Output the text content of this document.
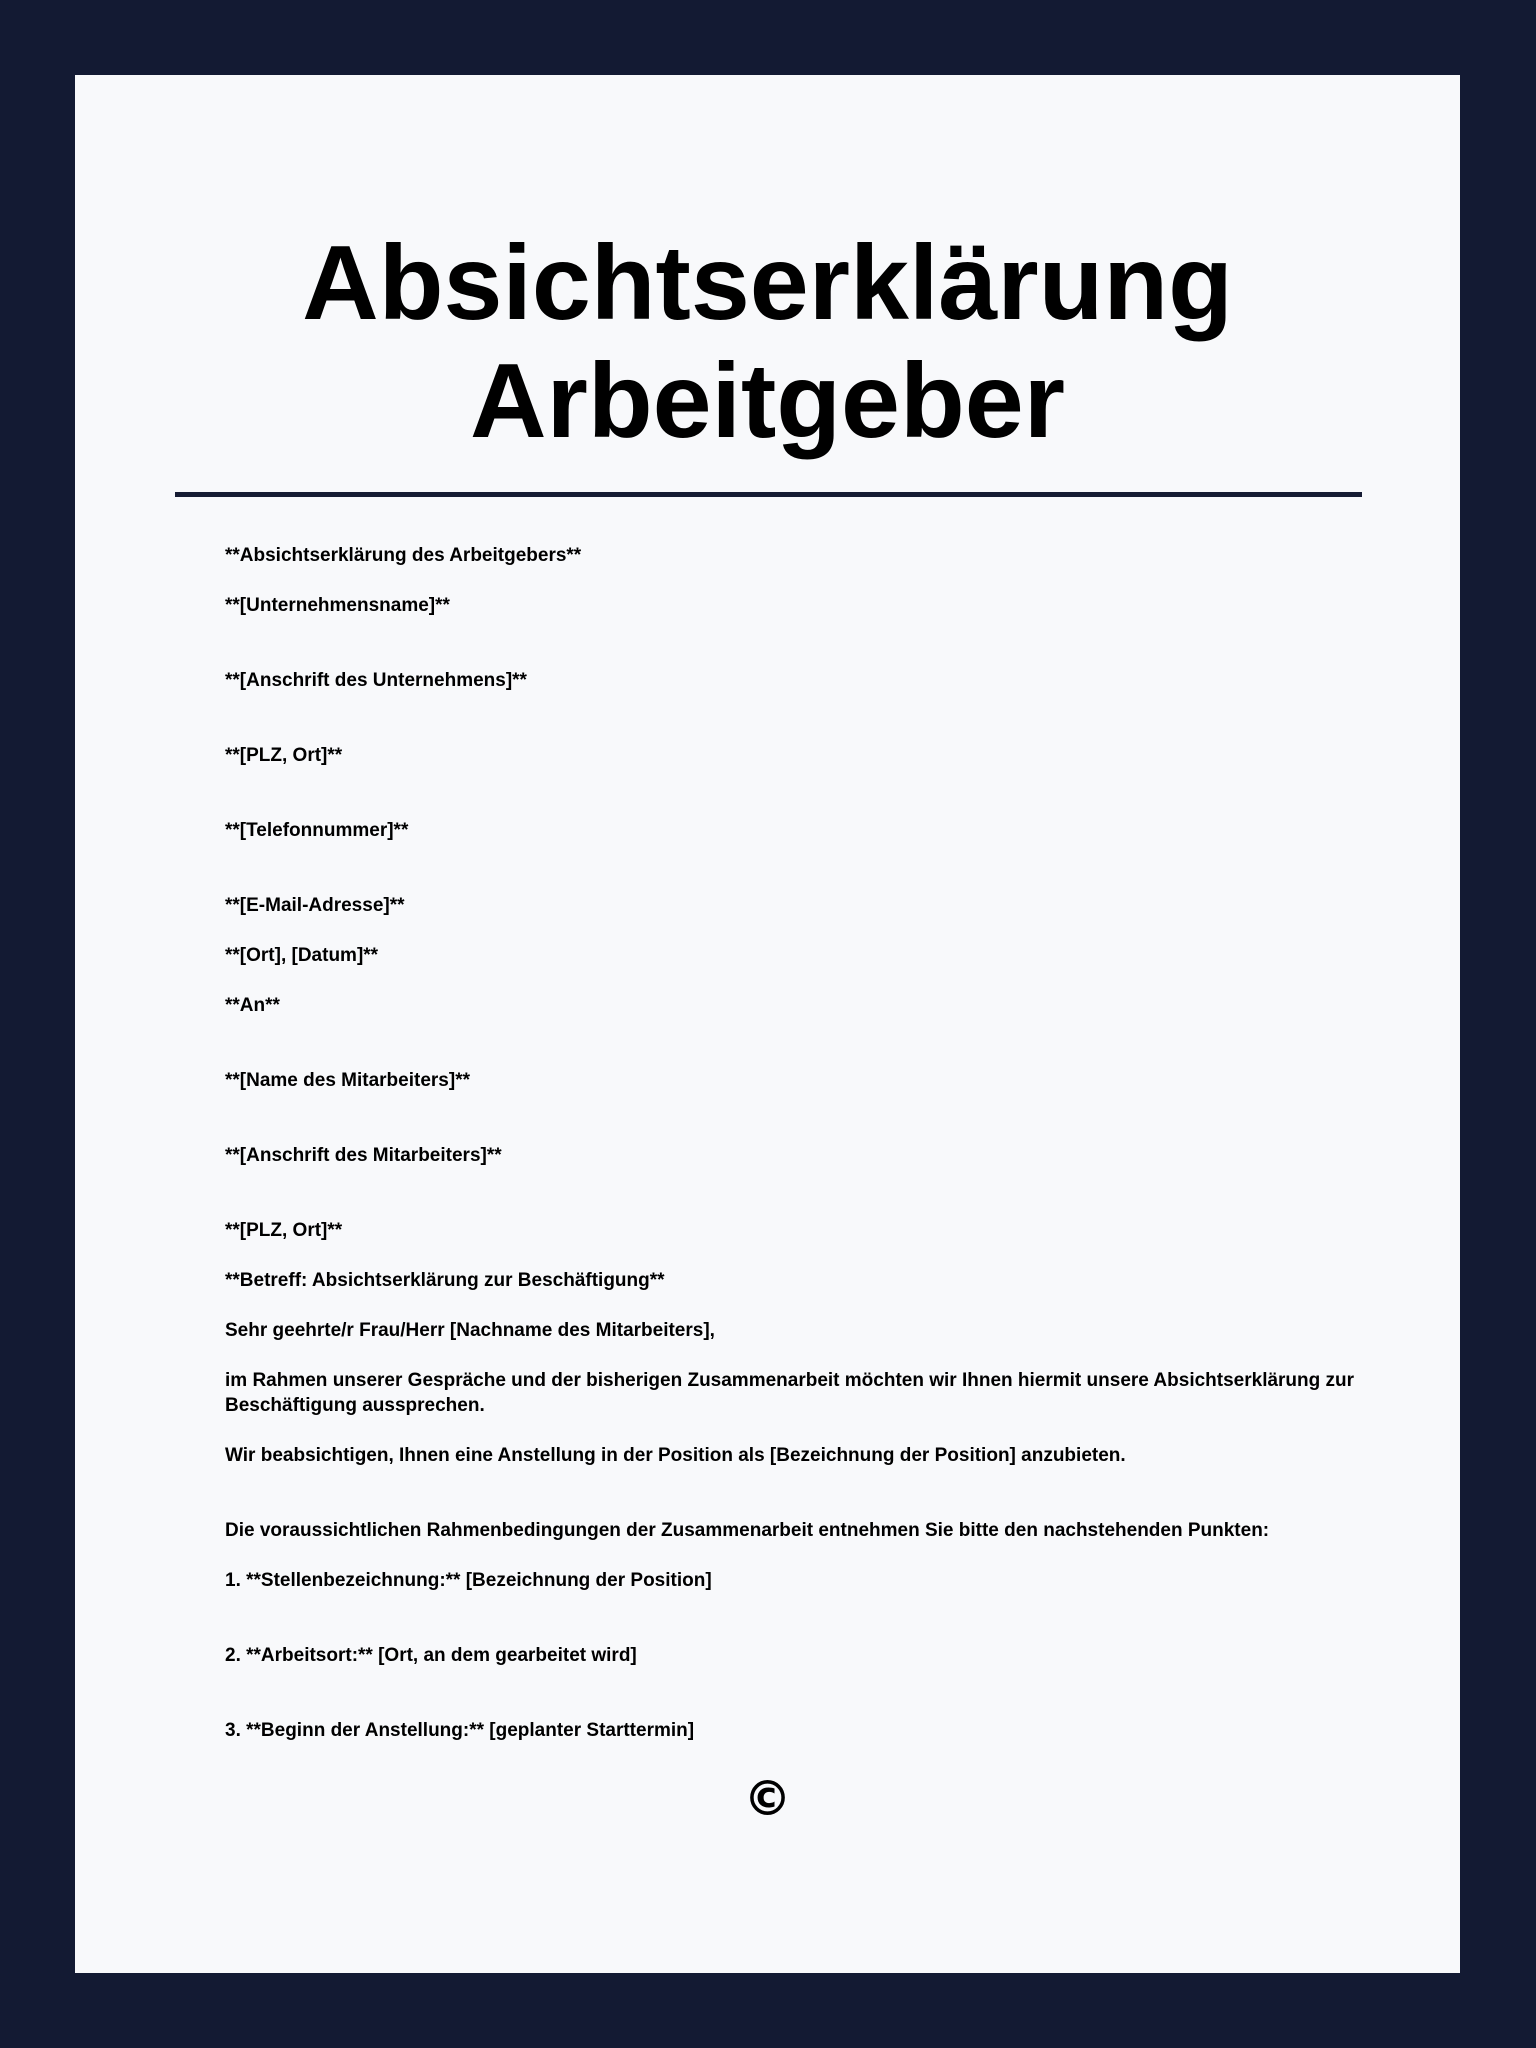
Absichtserklärung
Arbeitgeber

**Absichtserklärung des Arbeitgebers**

**[Unternehmensname]**

**[Anschrift des Unternehmens]**

**[PLZ, Ort]**

**[Telefonnummer]**

**[E-Mail-Adresse]**

**[Ort], [Datum]**

**An**

**[Name des Mitarbeiters]**

**[Anschrift des Mitarbeiters]**

**[PLZ, Ort]**

**Betreff: Absichtserklärung zur Beschäftigung**

Sehr geehrte/r Frau/Herr [Nachname des Mitarbeiters],

im Rahmen unserer Gespräche und der bisherigen Zusammenarbeit möchten wir Ihnen hiermit unsere Absichtserklärung zur Beschäftigung aussprechen.

Wir beabsichtigen, Ihnen eine Anstellung in der Position als [Bezeichnung der Position] anzubieten.

Die voraussichtlichen Rahmenbedingungen der Zusammenarbeit entnehmen Sie bitte den nachstehenden Punkten:

1. **Stellenbezeichnung:** [Bezeichnung der Position]

2. **Arbeitsort:** [Ort, an dem gearbeitet wird]

3. **Beginn der Anstellung:** [geplanter Starttermin]

©
